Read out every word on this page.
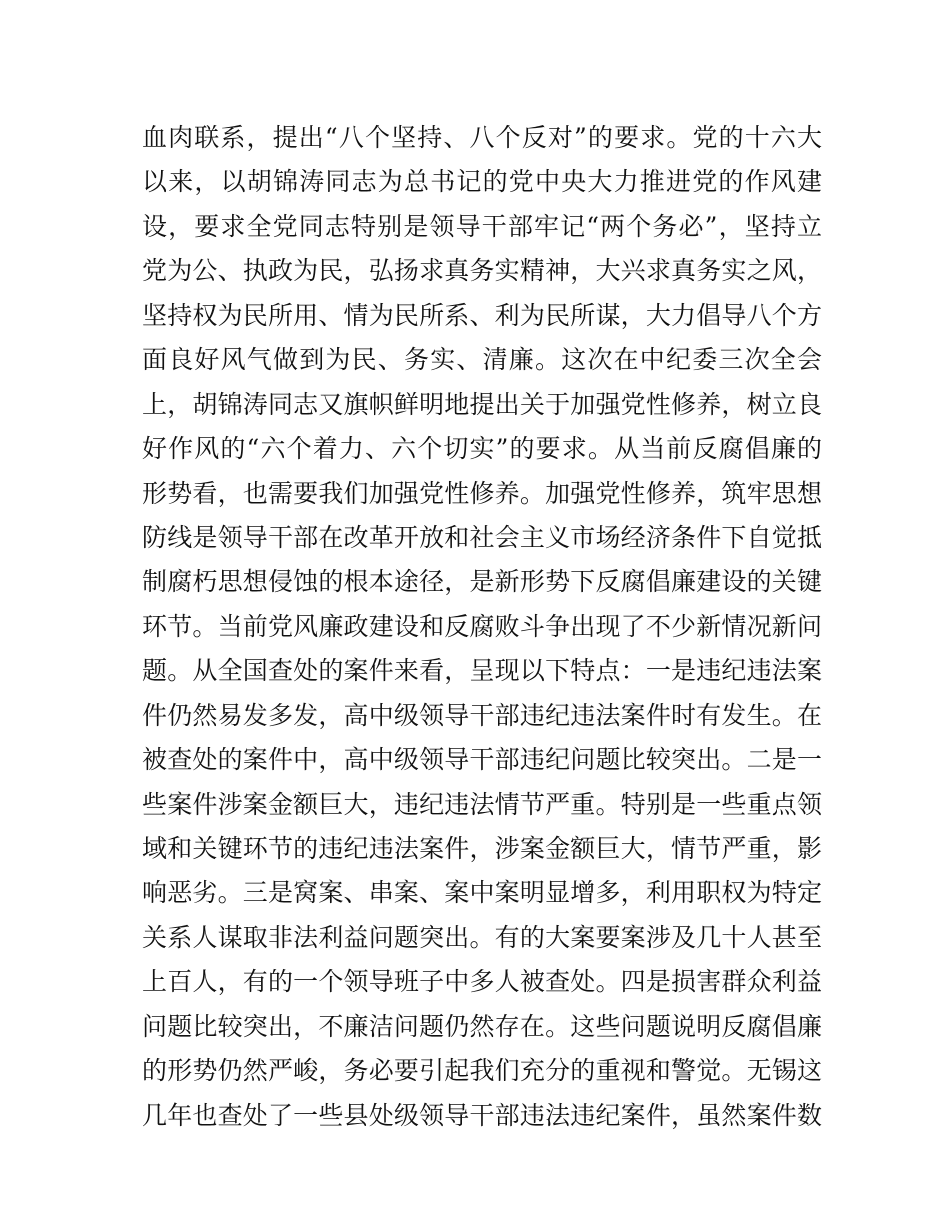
血肉联系，提出“八个坚持、八个反对”的要求。党的十六大
以来，以胡锦涛同志为总书记的党中央大力推进党的作风建
设，要求全党同志特别是领导干部牢记“两个务必”，坚持立
党为公、执政为民，弘扬求真务实精神，大兴求真务实之风，
坚持权为民所用、情为民所系、利为民所谋，大力倡导八个方
面良好风气做到为民、务实、清廉。这次在中纪委三次全会
上，胡锦涛同志又旗帜鲜明地提出关于加强党性修养，树立良
好作风的“六个着力、六个切实”的要求。从当前反腐倡廉的
形势看，也需要我们加强党性修养。加强党性修养，筑牢思想
防线是领导干部在改革开放和社会主义市场经济条件下自觉抵
制腐朽思想侵蚀的根本途径，是新形势下反腐倡廉建设的关键
环节。当前党风廉政建设和反腐败斗争出现了不少新情况新问
题。从全国查处的案件来看，呈现以下特点：一是违纪违法案
件仍然易发多发，高中级领导干部违纪违法案件时有发生。在
被查处的案件中，高中级领导干部违纪问题比较突出。二是一
些案件涉案金额巨大，违纪违法情节严重。特别是一些重点领
域和关键环节的违纪违法案件，涉案金额巨大，情节严重，影
响恶劣。三是窝案、串案、案中案明显增多，利用职权为特定
关系人谋取非法利益问题突出。有的大案要案涉及几十人甚至
上百人，有的一个领导班子中多人被查处。四是损害群众利益
问题比较突出，不廉洁问题仍然存在。这些问题说明反腐倡廉
的形势仍然严峻，务必要引起我们充分的重视和警觉。无锡这
几年也查处了一些县处级领导干部违法违纪案件，虽然案件数
